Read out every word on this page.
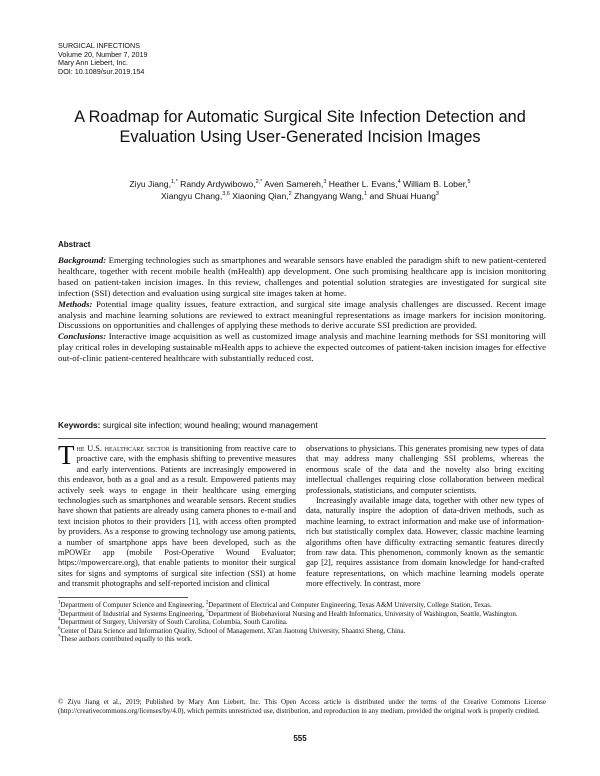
SURGICAL INFECTIONS
Volume 20, Number 7, 2019
Mary Ann Liebert, Inc.
DOI: 10.1089/sur.2019.154
A Roadmap for Automatic Surgical Site Infection Detection and Evaluation Using User-Generated Incision Images
Ziyu Jiang,$^{1,*}$ Randy Ardywibowo,$^{2,*}$ Aven Samereh,$^3$ Heather L. Evans,$^4$ William B. Lober,$^5$
Xiangyu Chang,$^{3,6}$ Xiaoning Qian,$^2$ Zhangyang Wang,$^1$ and Shuai Huang$^3$
Abstract

Background: Emerging technologies such as smartphones and wearable sensors have enabled the paradigm shift to new patient-centered healthcare, together with recent mobile health (mHealth) app development. One such promising healthcare app is incision monitoring based on patient-taken incision images. In this review, challenges and potential solution strategies are investigated for surgical site infection (SSI) detection and evaluation using surgical site images taken at home.

Methods: Potential image quality issues, feature extraction, and surgical site image analysis challenges are discussed. Recent image analysis and machine learning solutions are reviewed to extract meaningful representations as image markers for incision monitoring. Discussions on opportunities and challenges of applying these methods to derive accurate SSI prediction are provided.

Conclusions: Interactive image acquisition as well as customized image analysis and machine learning methods for SSI monitoring will play critical roles in developing sustainable mHealth apps to achieve the expected outcomes of patient-taken incision images for effective out-of-clinic patient-centered healthcare with substantially reduced cost.

Keywords: surgical site infection; wound healing; wound management

The U.S. healthcare sector is transitioning from reactive care to proactive care, with the emphasis shifting to preventive measures and early interventions. Patients are increasingly empowered in this endeavor, both as a goal and as a result. Empowered patients may actively seek ways to engage in their healthcare using emerging technologies such as smartphones and wearable sensors. Recent studies have shown that patients are already using camera phones to e-mail and text incision photos to their providers [1], with access often prompted by providers. As a response to growing technology use among patients, a number of smartphone apps have been developed, such as the mPOWEr app (mobile Post-Operative Wound Evaluator; https://mpowercare.org), that enable patients to monitor their surgical sites for signs and symptoms of surgical site infection (SSI) at home and transmit photographs and self-reported incision and clinical

observations to physicians. This generates promising new types of data that may address many challenging SSI problems, whereas the enormous scale of the data and the novelty also bring exciting intellectual challenges requiring close collaboration between medical professionals, statisticians, and computer scientists.

Increasingly available image data, together with other new types of data, naturally inspire the adoption of data-driven methods, such as machine learning, to extract information and make use of information-rich but statistically complex data. However, classic machine learning algorithms often have difficulty extracting semantic features directly from raw data. This phenomenon, commonly known as the semantic gap [2], requires assistance from domain knowledge for hand-crafted feature representations, on which machine learning models operate more effectively. In contrast, more

$^1$Department of Computer Science and Engineering, $^2$Department of Electrical and Computer Engineering, Texas A&M University, College Station, Texas.

$^3$Department of Industrial and Systems Engineering, $^5$Department of Biobehavioral Nursing and Health Informatics, University of Washington, Seattle, Washington.

$^4$Department of Surgery, University of South Carolina, Columbia, South Carolina.

$^6$Center of Data Science and Information Quality, School of Management, Xi'an Jiaotong University, Shaanxi Sheng, China.

*These authors contributed equally to this work.

© Ziyu Jiang et al., 2019; Published by Mary Ann Liebert, Inc. This Open Access article is distributed under the terms of the Creative Commons License (http://creativecommons.org/licenses/by/4.0), which permits unrestricted use, distribution, and reproduction in any medium, provided the original work is properly credited.
555
